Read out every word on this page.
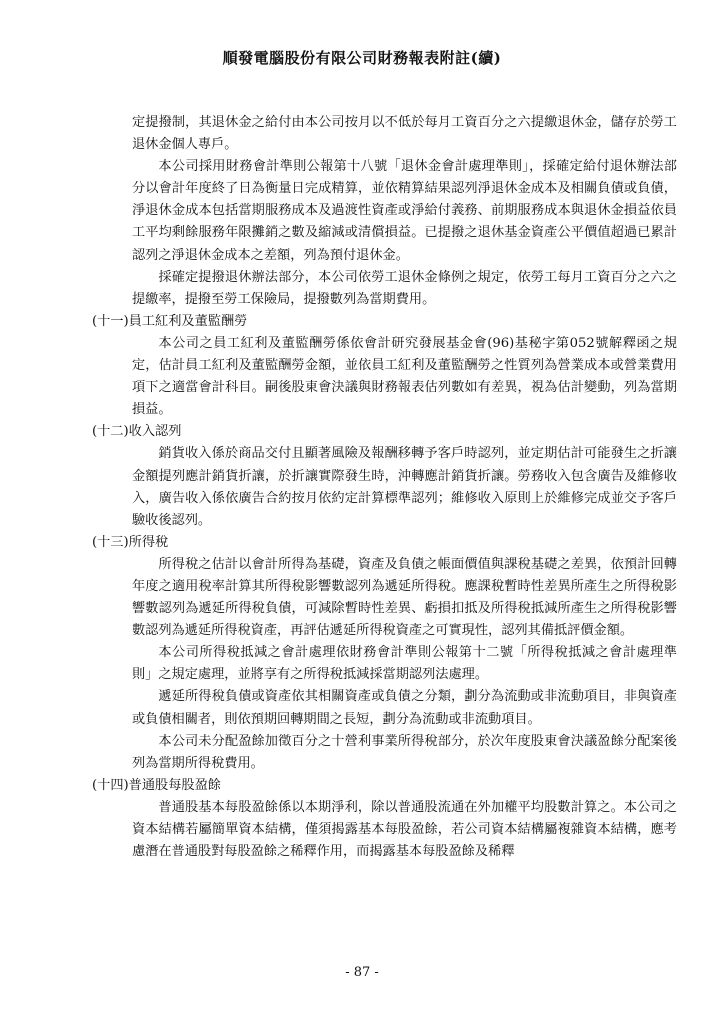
順發電腦股份有限公司財務報表附註(續)

定提撥制，其退休金之給付由本公司按月以不低於每月工資百分之六提繳退休金，儲存於勞工退休金個人專戶。

本公司採用財務會計準則公報第十八號「退休金會計處理準則」，採確定給付退休辦法部分以會計年度終了日為衡量日完成精算，並依精算結果認列淨退休金成本及相關負債或負債，淨退休金成本包括當期服務成本及過渡性資產或淨給付義務、前期服務成本與退休金損益依員工平均剩餘服務年限攤銷之數及縮減或清償損益。已提撥之退休基金資產公平價值超過已累計認列之淨退休金成本之差額，列為預付退休金。

採確定提撥退休辦法部分，本公司依勞工退休金條例之規定，依勞工每月工資百分之六之提繳率，提撥至勞工保險局，提撥數列為當期費用。

(十一)員工紅利及董監酬勞

本公司之員工紅利及董監酬勞係依會計研究發展基金會(96)基秘字第052號解釋函之規定，估計員工紅利及董監酬勞金額，並依員工紅利及董監酬勞之性質列為營業成本或營業費用項下之適當會計科目。嗣後股東會決議與財務報表估列數如有差異，視為估計變動，列為當期損益。

(十二)收入認列

銷貨收入係於商品交付且顯著風險及報酬移轉予客戶時認列，並定期估計可能發生之折讓金額提列應計銷貨折讓，於折讓實際發生時，沖轉應計銷貨折讓。勞務收入包含廣告及維修收入，廣告收入係依廣告合約按月依約定計算標準認列；維修收入原則上於維修完成並交予客戶驗收後認列。

(十三)所得稅

所得稅之估計以會計所得為基礎，資產及負債之帳面價值與課稅基礎之差異，依預計回轉年度之適用稅率計算其所得稅影響數認列為遞延所得稅。應課稅暫時性差異所產生之所得稅影響數認列為遞延所得稅負債，可減除暫時性差異、虧損扣抵及所得稅抵減所產生之所得稅影響數認列為遞延所得稅資產，再評估遞延所得稅資產之可實現性，認列其備抵評價金額。

本公司所得稅抵減之會計處理依財務會計準則公報第十二號「所得稅抵減之會計處理準則」之規定處理，並將享有之所得稅抵減採當期認列法處理。

遞延所得稅負債或資產依其相關資產或負債之分類，劃分為流動或非流動項目，非與資產或負債相關者，則依預期回轉期間之長短，劃分為流動或非流動項目。

本公司未分配盈餘加徵百分之十營利事業所得稅部分，於次年度股東會決議盈餘分配案後列為當期所得稅費用。

(十四)普通股每股盈餘

普通股基本每股盈餘係以本期淨利，除以普通股流通在外加權平均股數計算之。本公司之資本結構若屬簡單資本結構，僅須揭露基本每股盈餘，若公司資本結構屬複雜資本結構，應考慮潛在普通股對每股盈餘之稀釋作用，而揭露基本每股盈餘及稀釋

- 87 -
